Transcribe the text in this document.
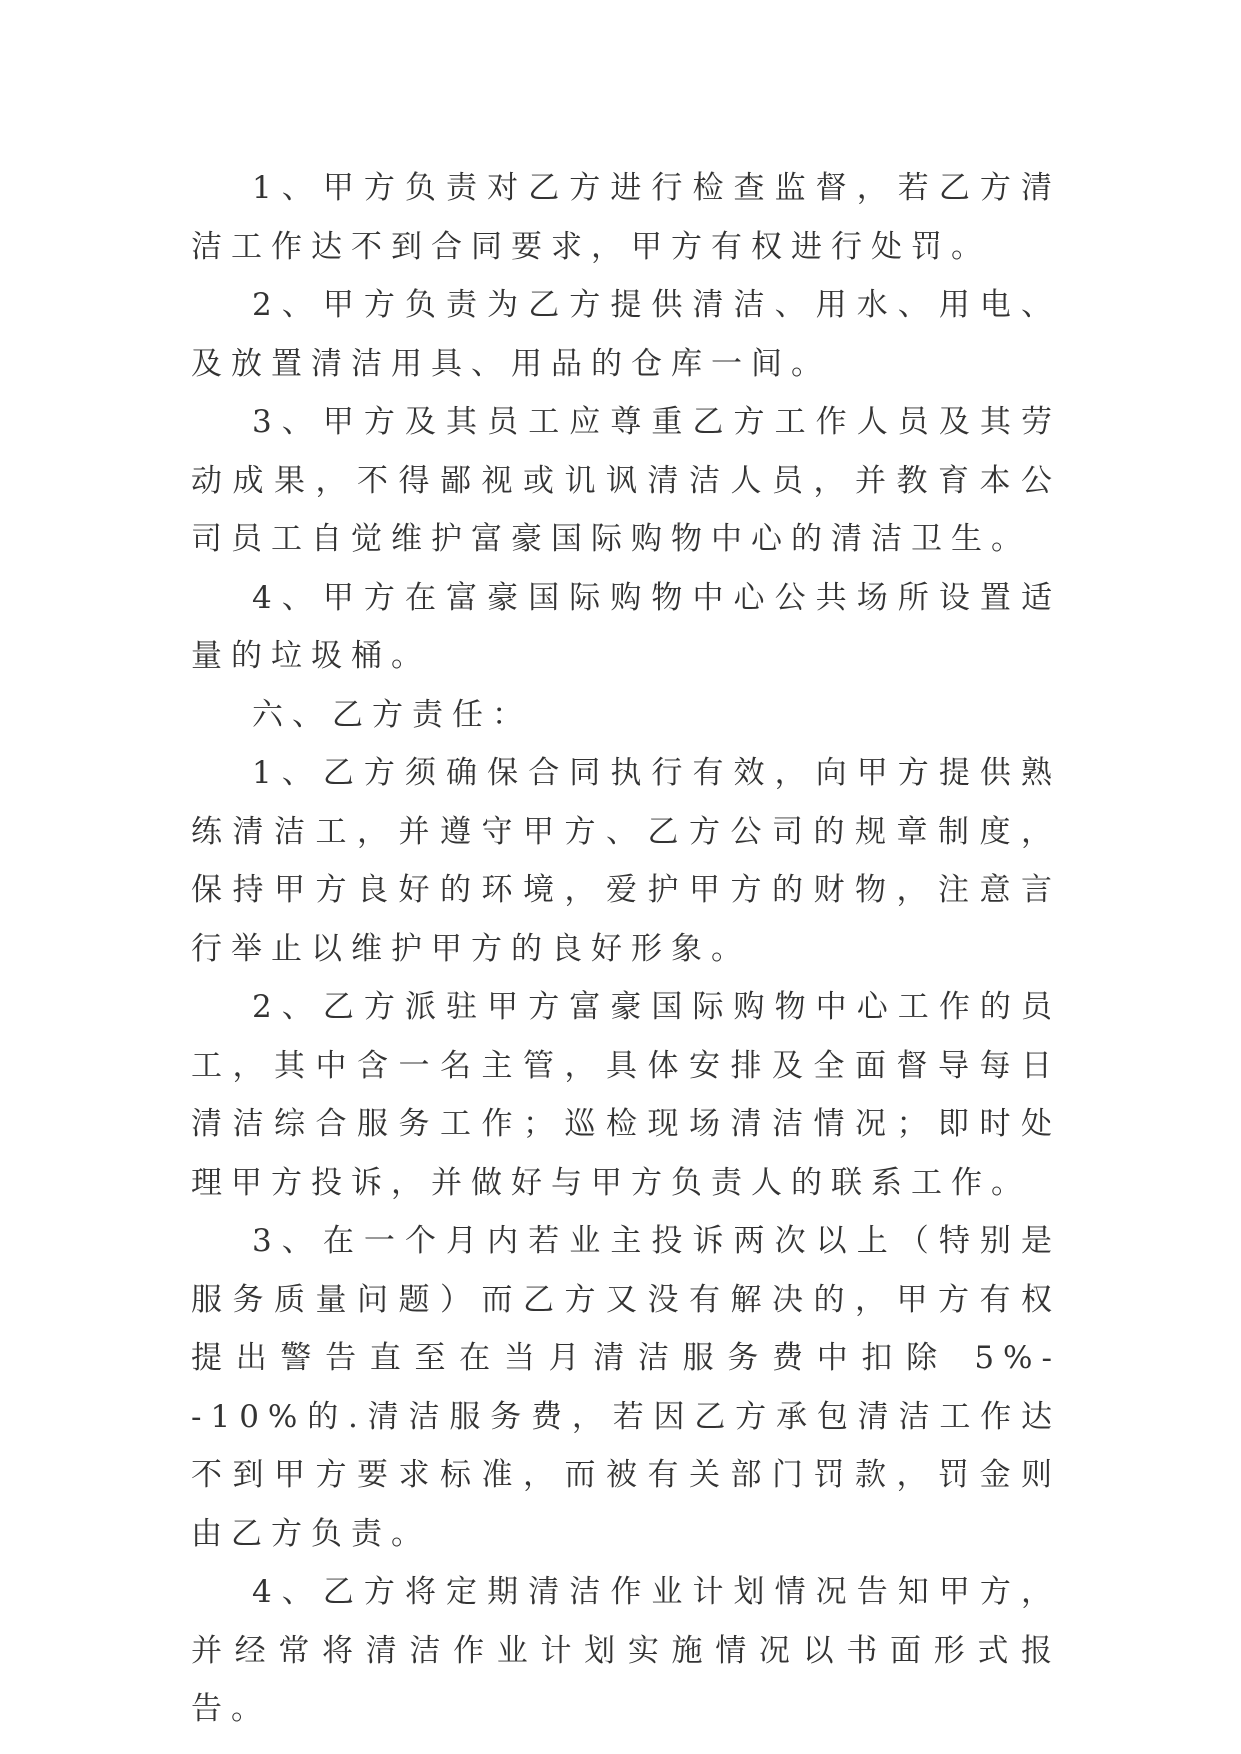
1、甲方负责对乙方进行检查监督，若乙方清洁工作达不到合同要求，甲方有权进行处罚。

2、甲方负责为乙方提供清洁、用水、用电、及放置清洁用具、用品的仓库一间。

3、甲方及其员工应尊重乙方工作人员及其劳动成果，不得鄙视或讥讽清洁人员，并教育本公司员工自觉维护富豪国际购物中心的清洁卫生。

4、甲方在富豪国际购物中心公共场所设置适量的垃圾桶。

六、乙方责任：

1、乙方须确保合同执行有效，向甲方提供熟练清洁工，并遵守甲方、乙方公司的规章制度，保持甲方良好的环境，爱护甲方的财物，注意言行举止以维护甲方的良好形象。

2、乙方派驻甲方富豪国际购物中心工作的员工，其中含一名主管，具体安排及全面督导每日清洁综合服务工作；巡检现场清洁情况；即时处理甲方投诉，并做好与甲方负责人的联系工作。

3、在一个月内若业主投诉两次以上（特别是服务质量问题）而乙方又没有解决的，甲方有权提出警告直至在当月清洁服务费中扣除 5%--10%的.清洁服务费，若因乙方承包清洁工作达不到甲方要求标准，而被有关部门罚款，罚金则由乙方负责。

4、乙方将定期清洁作业计划情况告知甲方，并经常将清洁作业计划实施情况以书面形式报告。
